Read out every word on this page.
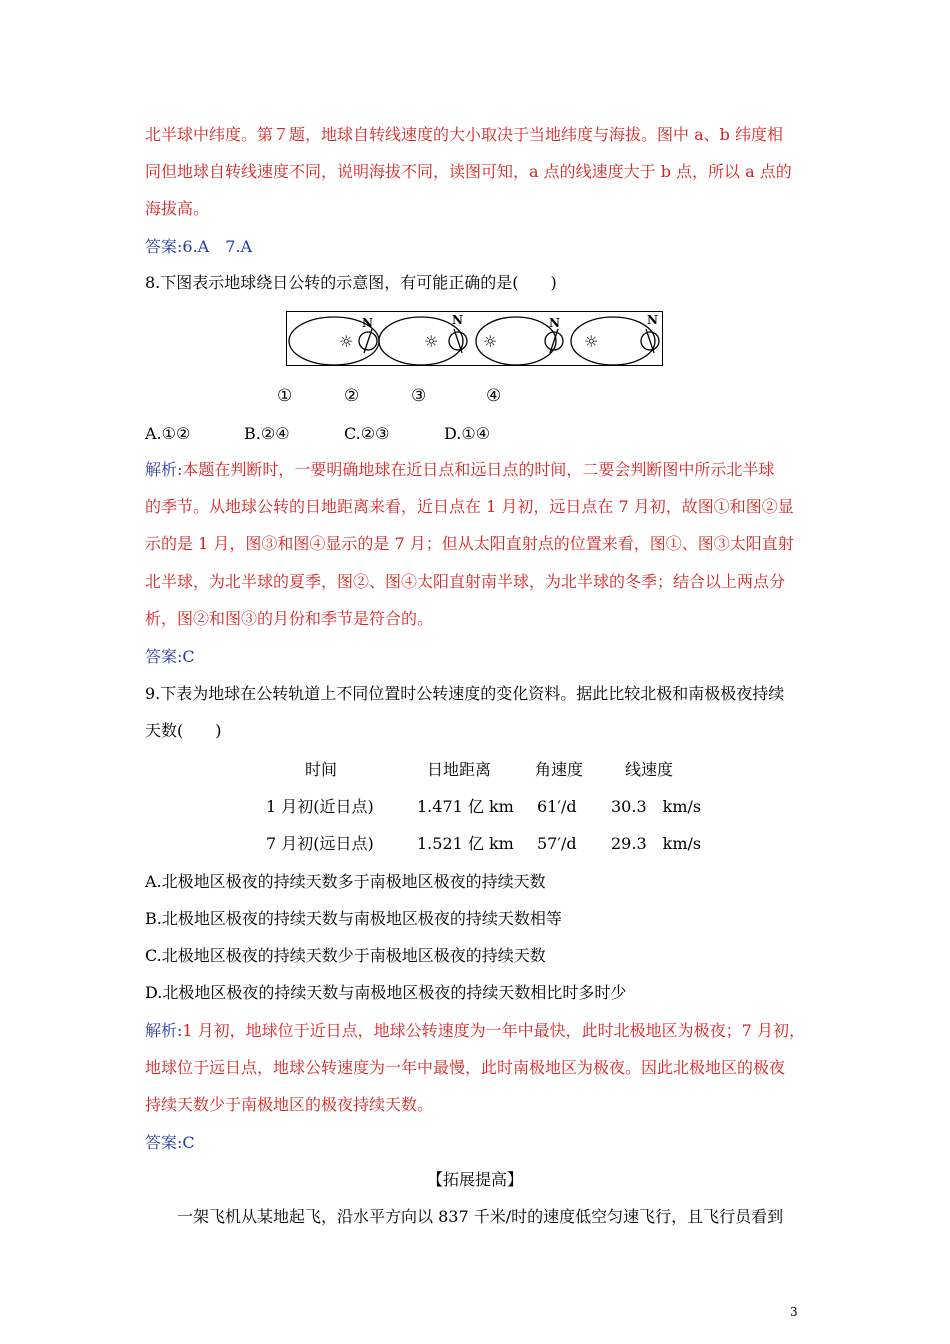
北半球中纬度。第７题，地球自转线速度的大小取决于当地纬度与海拔。图中 a、b 纬度相
同但地球自转线速度不同，说明海拔不同，读图可知，a 点的线速度大于 b 点，所以 a 点的
海拔高。
答案:6.A　7.A
8.下图表示地球绕日公转的示意图，有可能正确的是(　　)
☼
N
☼
N
☼
N
☼
N
①	②	③	④
A.①②	B.②④	C.②③	D.①④
解析:本题在判断时，一要明确地球在近日点和远日点的时间，二要会判断图中所示北半球
的季节。从地球公转的日地距离来看，近日点在 1 月初，远日点在 7 月初，故图①和图②显
示的是 1 月，图③和图④显示的是 7 月；但从太阳直射点的位置来看，图①、图③太阳直射
北半球，为北半球的夏季，图②、图④太阳直射南半球，为北半球的冬季；结合以上两点分
析，图②和图③的月份和季节是符合的。
答案:C
9.下表为地球在公转轨道上不同位置时公转速度的变化资料。据此比较北极和南极极夜持续
天数(　　)
时间	日地距离	角速度	线速度
1 月初(近日点)	1.471 亿 km 61′/d 30.3　km/s
7 月初(远日点)	1.521 亿 km 57′/d 29.3　km/s
A.北极地区极夜的持续天数多于南极地区极夜的持续天数
B.北极地区极夜的持续天数与南极地区极夜的持续天数相等
C.北极地区极夜的持续天数少于南极地区极夜的持续天数
D.北极地区极夜的持续天数与南极地区极夜的持续天数相比时多时少
解析:1 月初，地球位于近日点，地球公转速度为一年中最快，此时北极地区为极夜；7 月初，
地球位于远日点，地球公转速度为一年中最慢，此时南极地区为极夜。因此北极地区的极夜
持续天数少于南极地区的极夜持续天数。
答案:C
【拓展提高】
一架飞机从某地起飞，沿水平方向以 837 千米/时的速度低空匀速飞行，且飞行员看到
3
